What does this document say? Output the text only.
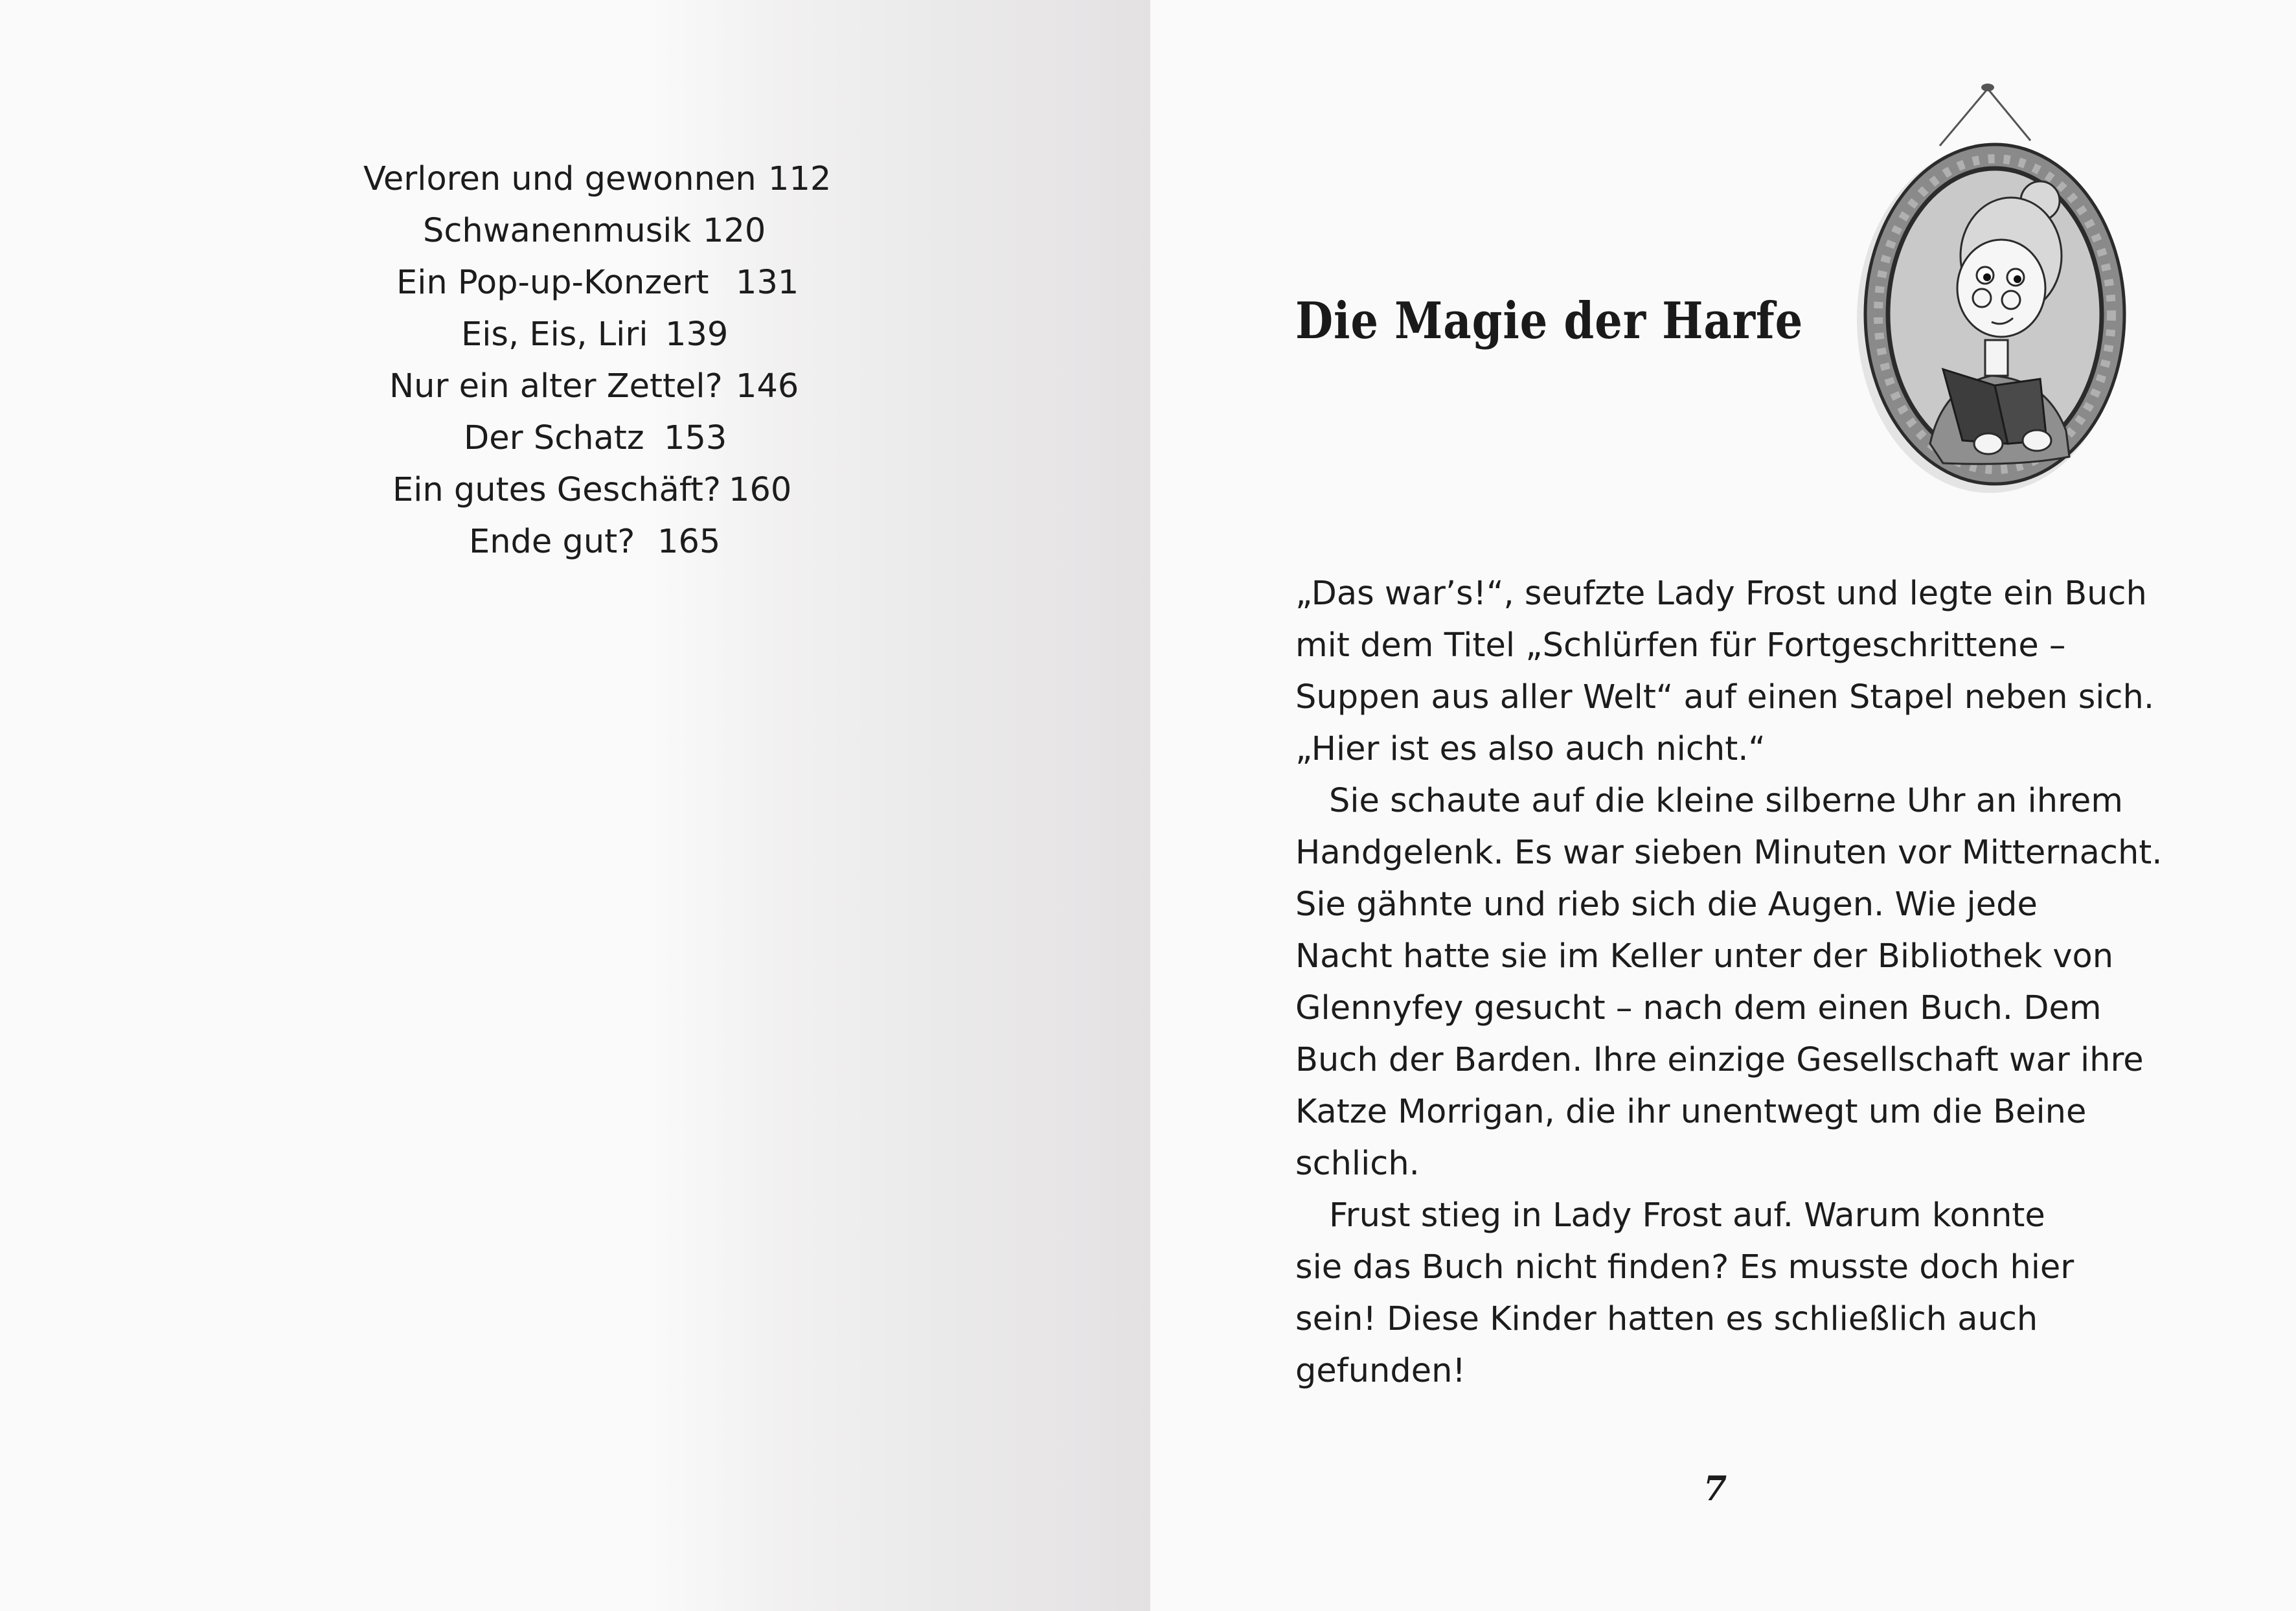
Verloren und gewonnen 112
Schwanenmusik 120
Ein Pop-up-Konzert 131
Eis, Eis, Liri 139
Nur ein alter Zettel? 146
Der Schatz 153
Ein gutes Geschäft? 160
Ende gut? 165
Die Magie der Harfe
„Das war’s!“, seufzte Lady Frost und legte ein Buch
mit dem Titel „Schlürfen für Fortgeschrittene –
Suppen aus aller Welt“ auf einen Stapel neben sich.
„Hier ist es also auch nicht.“
Sie schaute auf die kleine silberne Uhr an ihrem
Handgelenk. Es war sieben Minuten vor Mitternacht.
Sie gähnte und rieb sich die Augen. Wie jede
Nacht hatte sie im Keller unter der Bibliothek von
Glennyfey gesucht – nach dem einen Buch. Dem
Buch der Barden. Ihre einzige Gesellschaft war ihre
Katze Morrigan, die ihr unentwegt um die Beine
schlich.
Frust stieg in Lady Frost auf. Warum konnte
sie das Buch nicht finden? Es musste doch hier
sein! Diese Kinder hatten es schließlich auch
gefunden!
7
